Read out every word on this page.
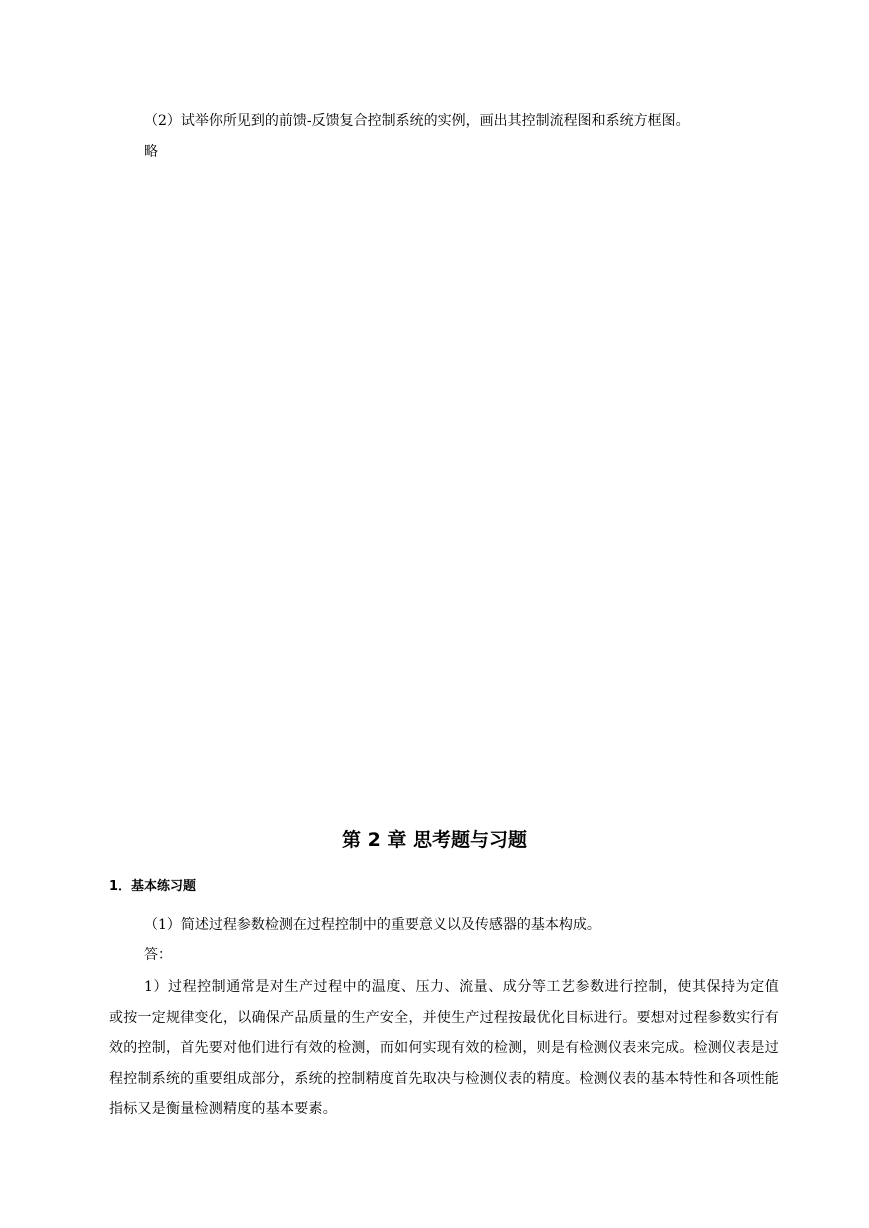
（2）试举你所见到的前馈-反馈复合控制系统的实例，画出其控制流程图和系统方框图。

略

第 2 章 思考题与习题
1．基本练习题

（1）简述过程参数检测在过程控制中的重要意义以及传感器的基本构成。

答：

1）过程控制通常是对生产过程中的温度、压力、流量、成分等工艺参数进行控制，使其保持为定值或按一定规律变化，以确保产品质量的生产安全，并使生产过程按最优化目标进行。要想对过程参数实行有效的控制，首先要对他们进行有效的检测，而如何实现有效的检测，则是有检测仪表来完成。检测仪表是过程控制系统的重要组成部分，系统的控制精度首先取决与检测仪表的精度。检测仪表的基本特性和各项性能指标又是衡量检测精度的基本要素。
